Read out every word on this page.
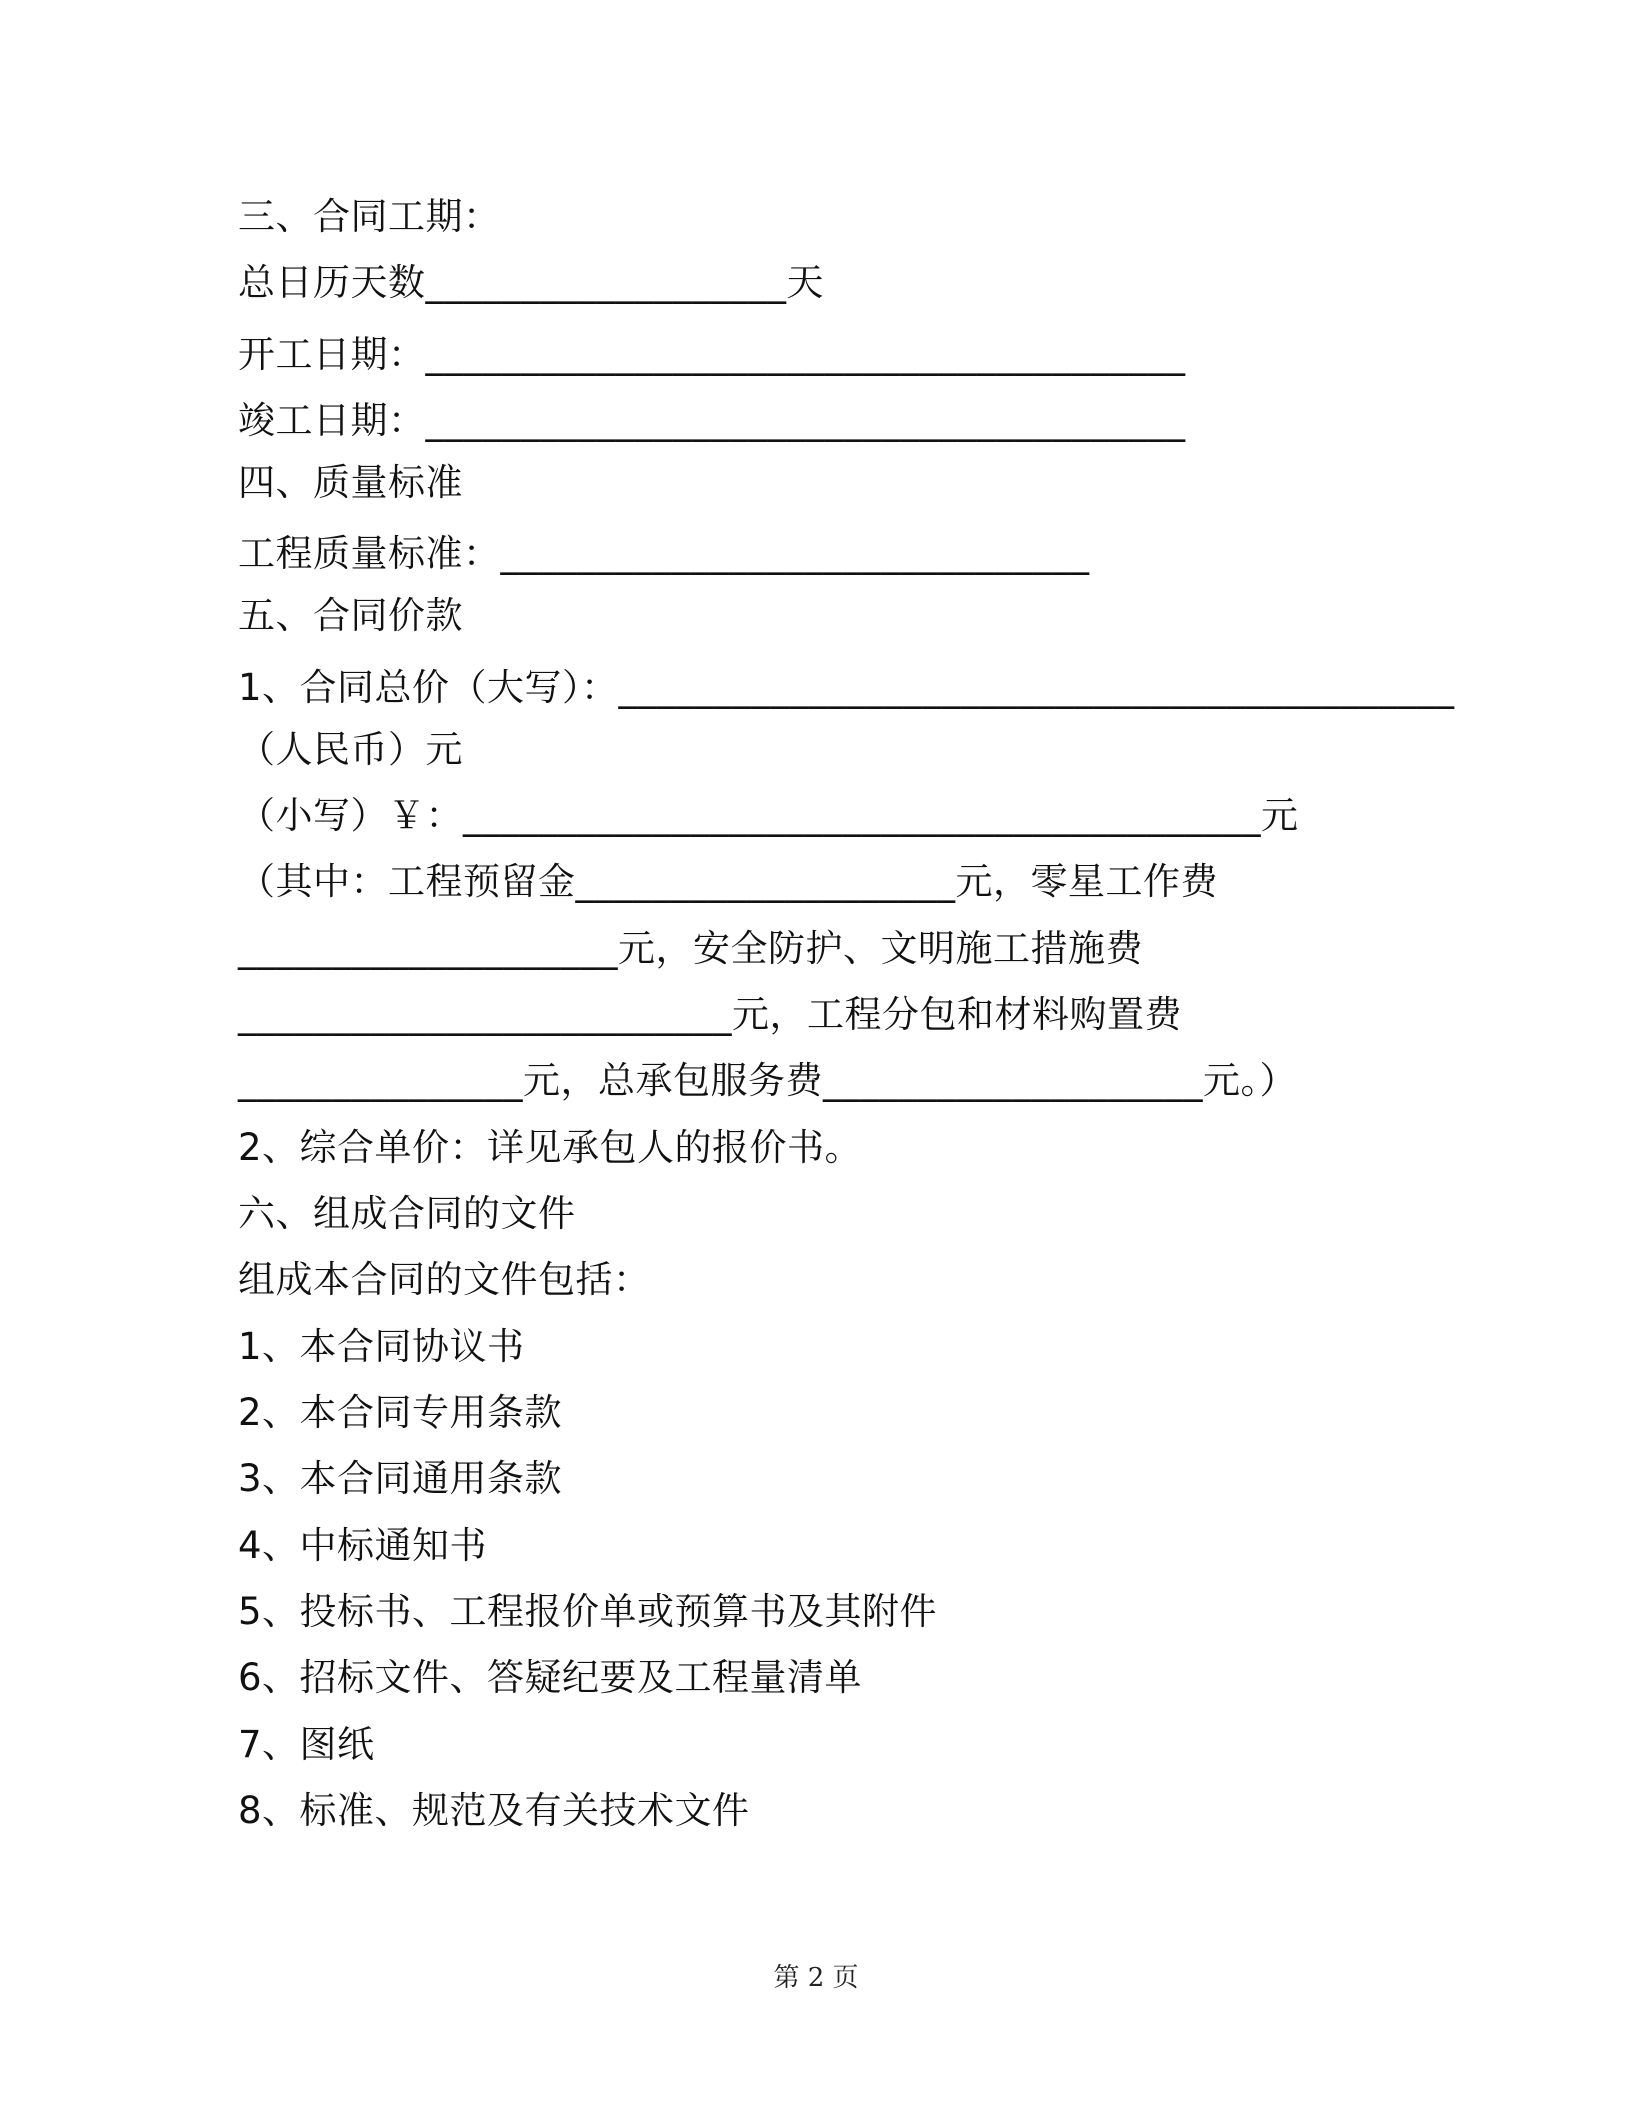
三、合同工期：
总日历天数___________________天
开工日期：________________________________________
竣工日期：________________________________________
四、质量标准
工程质量标准：_______________________________
五、合同价款
1、合同总价（大写）：____________________________________________
（人民币）元
（小写）￥：__________________________________________元
（其中：工程预留金____________________元，零星工作费
____________________元，安全防护、文明施工措施费
__________________________元，工程分包和材料购置费
_______________元，总承包服务费____________________元。）
2、综合单价：详见承包人的报价书。
六、组成合同的文件
组成本合同的文件包括：
1、本合同协议书
2、本合同专用条款
3、本合同通用条款
4、中标通知书
5、投标书、工程报价单或预算书及其附件
6、招标文件、答疑纪要及工程量清单
7、图纸
8、标准、规范及有关技术文件
第 2 页
